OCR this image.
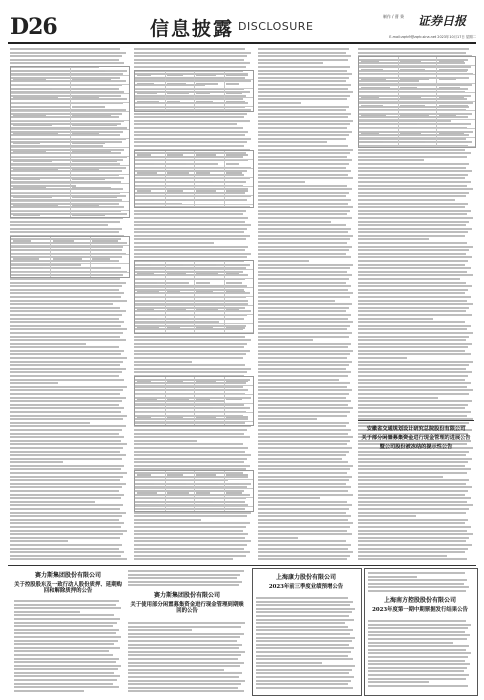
D26	信息披露 DISCLOSURE
制作 / 曹 秉 证券日报
E-mail:zqrb9@zqrb.sina.net 2023年10月17日 星期二
安徽省交通规划设计研究总院股份有限公司
关于部分闲置募集资金进行现金管理的进展公告
暨公司股份被冻结的提示性公告
赛力斯集团股份有限公司
关于控股股东及一致行动人股份质押、延期购回和解除质押的公告
赛力斯集团股份有限公司
关于使用部分闲置募集资金进行现金管理到期赎回的公告
上海康力股份有限公司
2023年前三季度业绩预增公告
上海南方控股股份有限公司
2023年度第一期中期票据发行结果公告
